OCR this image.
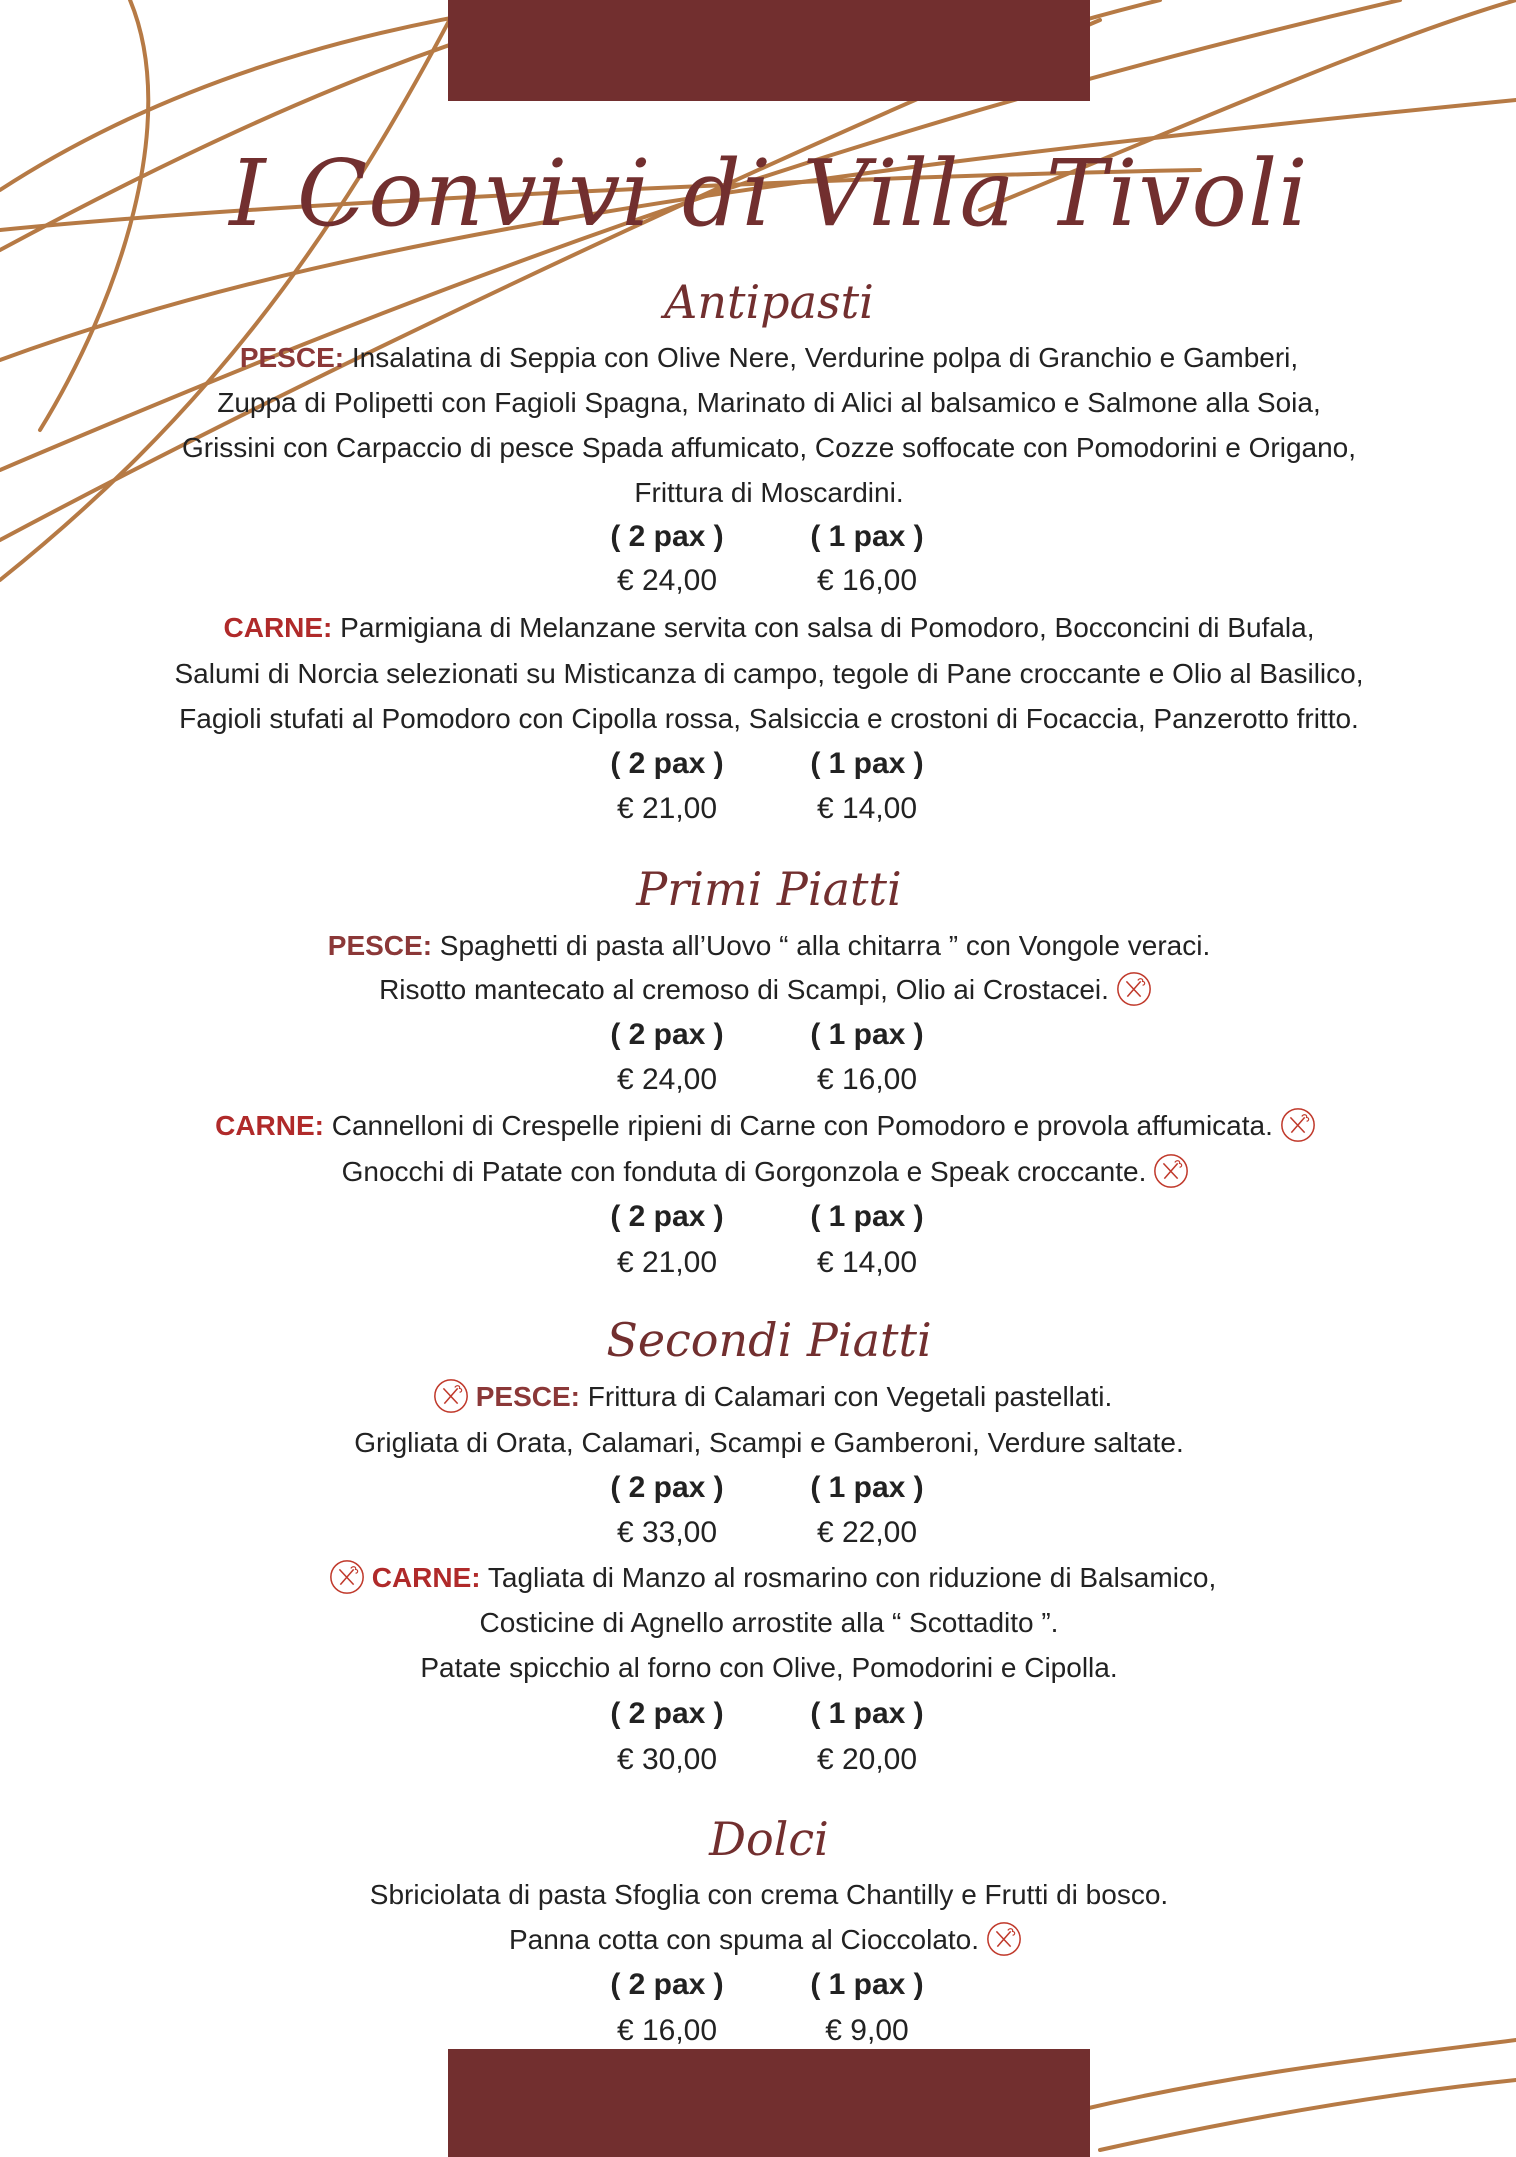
I Convivi di Villa Tivoli
Antipasti

PESCE: Insalatina di Seppia con Olive Nere, Verdurine polpa di Granchio e Gamberi,

Zuppa di Polipetti con Fagioli Spagna, Marinato di Alici al balsamico e Salmone alla Soia,

Grissini con Carpaccio di pesce Spada affumicato, Cozze soffocate con Pomodorini e Origano,

Frittura di Moscardini.

( 2 pax )	( 1 pax )
€ 24,00	€ 16,00

CARNE: Parmigiana di Melanzane servita con salsa di Pomodoro, Bocconcini di Bufala,

Salumi di Norcia selezionati su Misticanza di campo, tegole di Pane croccante e Olio al Basilico,

Fagioli stufati al Pomodoro con Cipolla rossa, Salsiccia e crostoni di Focaccia, Panzerotto fritto.

( 2 pax )	( 1 pax )
€ 21,00	€ 14,00
Primi Piatti

PESCE: Spaghetti di pasta all’Uovo “ alla chitarra ” con Vongole veraci.

Risotto mantecato al cremoso di Scampi, Olio ai Crostacei.

( 2 pax )	( 1 pax )
€ 24,00	€ 16,00

CARNE: Cannelloni di Crespelle ripieni di Carne con Pomodoro e provola affumicata.

Gnocchi di Patate con fonduta di Gorgonzola e Speak croccante.

( 2 pax )	( 1 pax )
€ 21,00	€ 14,00
Secondi Piatti

PESCE: Frittura di Calamari con Vegetali pastellati.

Grigliata di Orata, Calamari, Scampi e Gamberoni, Verdure saltate.

( 2 pax )	( 1 pax )
€ 33,00	€ 22,00

CARNE: Tagliata di Manzo al rosmarino con riduzione di Balsamico,

Costicine di Agnello arrostite alla “ Scottadito ”.

Patate spicchio al forno con Olive, Pomodorini e Cipolla.

( 2 pax )	( 1 pax )
€ 30,00	€ 20,00
Dolci

Sbriciolata di pasta Sfoglia con crema Chantilly e Frutti di bosco.

Panna cotta con spuma al Cioccolato.

( 2 pax )	( 1 pax )
€ 16,00	€ 9,00
